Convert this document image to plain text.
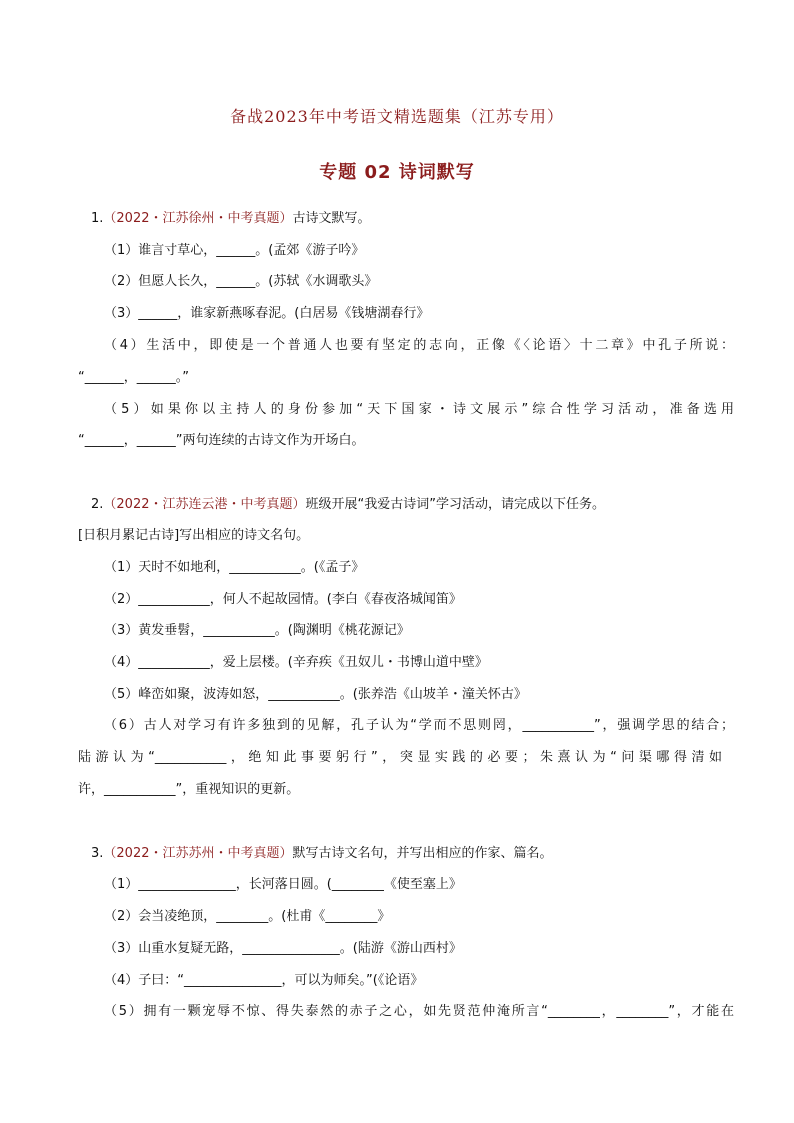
备战2023年中考语文精选题集（江苏专用）
专题 02 诗词默写
1.（2022・江苏徐州・中考真题）古诗文默写。
（1）谁言寸草心，______。(孟郊《游子吟》
（2）但愿人长久，______。(苏轼《水调歌头》
（3）______，谁家新燕啄春泥。(白居易《钱塘湖春行》
（4）生活中，即使是一个普通人也要有坚定的志向，正像《〈论语〉十二章》中孔子所说：
“______，______。”
（5）如果你以主持人的身份参加“天下国家・诗文展示”综合性学习活动，准备选用
“______，______”两句连续的古诗文作为开场白。
2.（2022・江苏连云港・中考真题）班级开展“我爱古诗词”学习活动，请完成以下任务。
[日积月累记古诗]写出相应的诗文名句。
（1）天时不如地利，___________。(《孟子》
（2）___________，何人不起故园情。(李白《春夜洛城闻笛》
（3）黄发垂髫，___________。(陶渊明《桃花源记》
（4）___________，爱上层楼。(辛弃疾《丑奴儿・书博山道中壁》
（5）峰峦如聚，波涛如怒，___________。(张养浩《山坡羊・潼关怀古》
（6）古人对学习有许多独到的见解，孔子认为“学而不思则罔，___________”，强调学思的结合；
陆游认为“___________，绝知此事要躬行”，突显实践的必要；朱熹认为“问渠哪得清如
许，___________”，重视知识的更新。
3.（2022・江苏苏州・中考真题）默写古诗文名句，并写出相应的作家、篇名。
（1）_______________，长河落日圆。(________《使至塞上》
（2）会当凌绝顶，________。(杜甫《________》
（3）山重水复疑无路，_______________。(陆游《游山西村》
（4）子曰：“_______________，可以为师矣。”(《论语》
（5）拥有一颗宠辱不惊、得失泰然的赤子之心，如先贤范仲淹所言“________，________”，才能在
